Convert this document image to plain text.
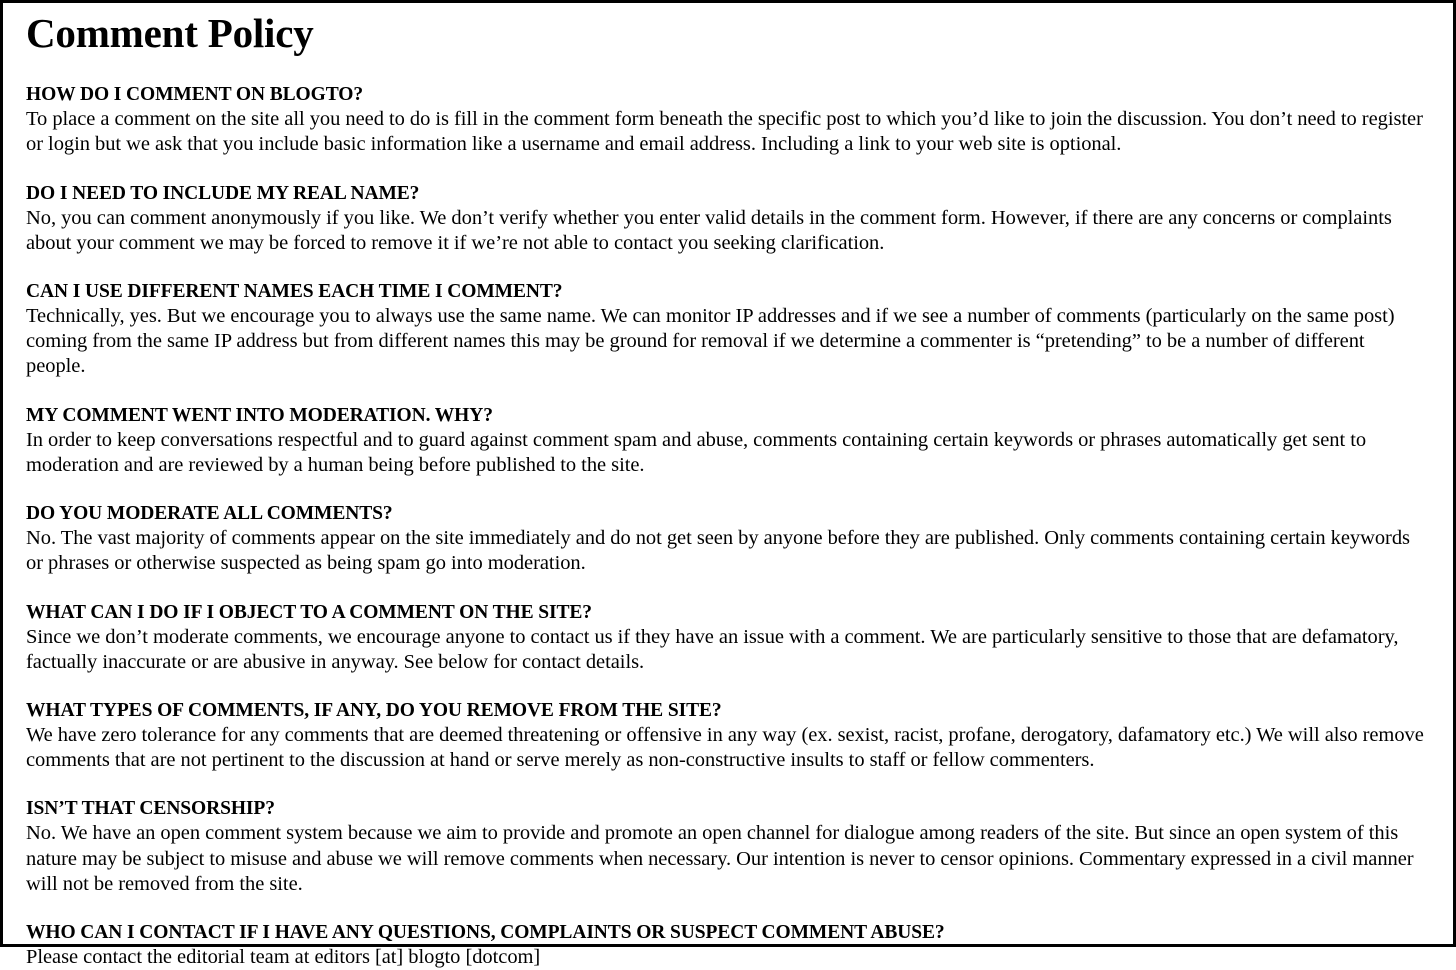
Comment Policy
HOW DO I COMMENT ON BLOGTO?
To place a comment on the site all you need to do is fill in the comment form beneath the specific post to which you’d like to join the discussion. You don’t need to register or login but we ask that you include basic information like a username and email address. Including a link to your web site is optional.
DO I NEED TO INCLUDE MY REAL NAME?
No, you can comment anonymously if you like. We don’t verify whether you enter valid details in the comment form. However, if there are any concerns or complaints about your comment we may be forced to remove it if we’re not able to contact you seeking clarification.
CAN I USE DIFFERENT NAMES EACH TIME I COMMENT?
Technically, yes. But we encourage you to always use the same name. We can monitor IP addresses and if we see a number of comments (particularly on the same post) coming from the same IP address but from different names this may be ground for removal if we determine a commenter is “pretending” to be a number of different people.
MY COMMENT WENT INTO MODERATION. WHY?
In order to keep conversations respectful and to guard against comment spam and abuse, comments containing certain keywords or phrases automatically get sent to moderation and are reviewed by a human being before published to the site.
DO YOU MODERATE ALL COMMENTS?
No. The vast majority of comments appear on the site immediately and do not get seen by anyone before they are published. Only comments containing certain keywords or phrases or otherwise suspected as being spam go into moderation.
WHAT CAN I DO IF I OBJECT TO A COMMENT ON THE SITE?
Since we don’t moderate comments, we encourage anyone to contact us if they have an issue with a comment. We are particularly sensitive to those that are defamatory, factually inaccurate or are abusive in anyway. See below for contact details.
WHAT TYPES OF COMMENTS, IF ANY, DO YOU REMOVE FROM THE SITE?
We have zero tolerance for any comments that are deemed threatening or offensive in any way (ex. sexist, racist, profane, derogatory, dafamatory etc.) We will also remove comments that are not pertinent to the discussion at hand or serve merely as non-constructive insults to staff or fellow commenters.
ISN’T THAT CENSORSHIP?
No. We have an open comment system because we aim to provide and promote an open channel for dialogue among readers of the site. But since an open system of this nature may be subject to misuse and abuse we will remove comments when necessary. Our intention is never to censor opinions. Commentary expressed in a civil manner will not be removed from the site.
WHO CAN I CONTACT IF I HAVE ANY QUESTIONS, COMPLAINTS OR SUSPECT COMMENT ABUSE?
Please contact the editorial team at editors [at] blogto [dotcom]
